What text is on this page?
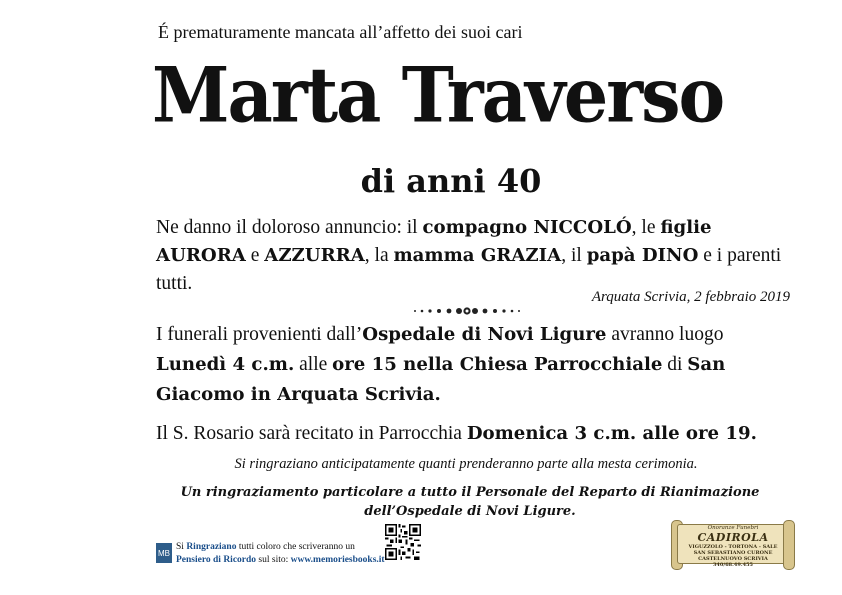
É prematuramente mancata all’affetto dei suoi cari
Marta Traverso
di anni 40
Ne danno il doloroso annuncio: il compagno NICCOLÓ, le figlie AURORA e AZZURRA, la mamma GRAZIA, il papà DINO e i parenti tutti.
Arquata Scrivia, 2 febbraio 2019
I funerali provenienti dall’Ospedale di Novi Ligure avranno luogo Lunedì 4 c.m. alle ore 15 nella Chiesa Parrocchiale di San Giacomo in Arquata Scrivia.
Il S. Rosario sarà recitato in Parrocchia Domenica 3 c.m. alle ore 19.
Si ringraziano anticipatamente quanti prenderanno parte alla mesta cerimonia.
Un ringraziamento particolare a tutto il Personale del Reparto di Rianimazione
dell’Ospedale di Novi Ligure.
MB
Si Ringraziano tutti coloro che scriveranno un
Pensiero di Ricordo sul sito: www.memoriesbooks.it
Onoranze Funebri
CADIROLA
VIGUZZOLO - TORTONA - SALE
SAN SEBASTIANO CURONE
CASTELNUOVO SCRIVIA
340/68.49.455
